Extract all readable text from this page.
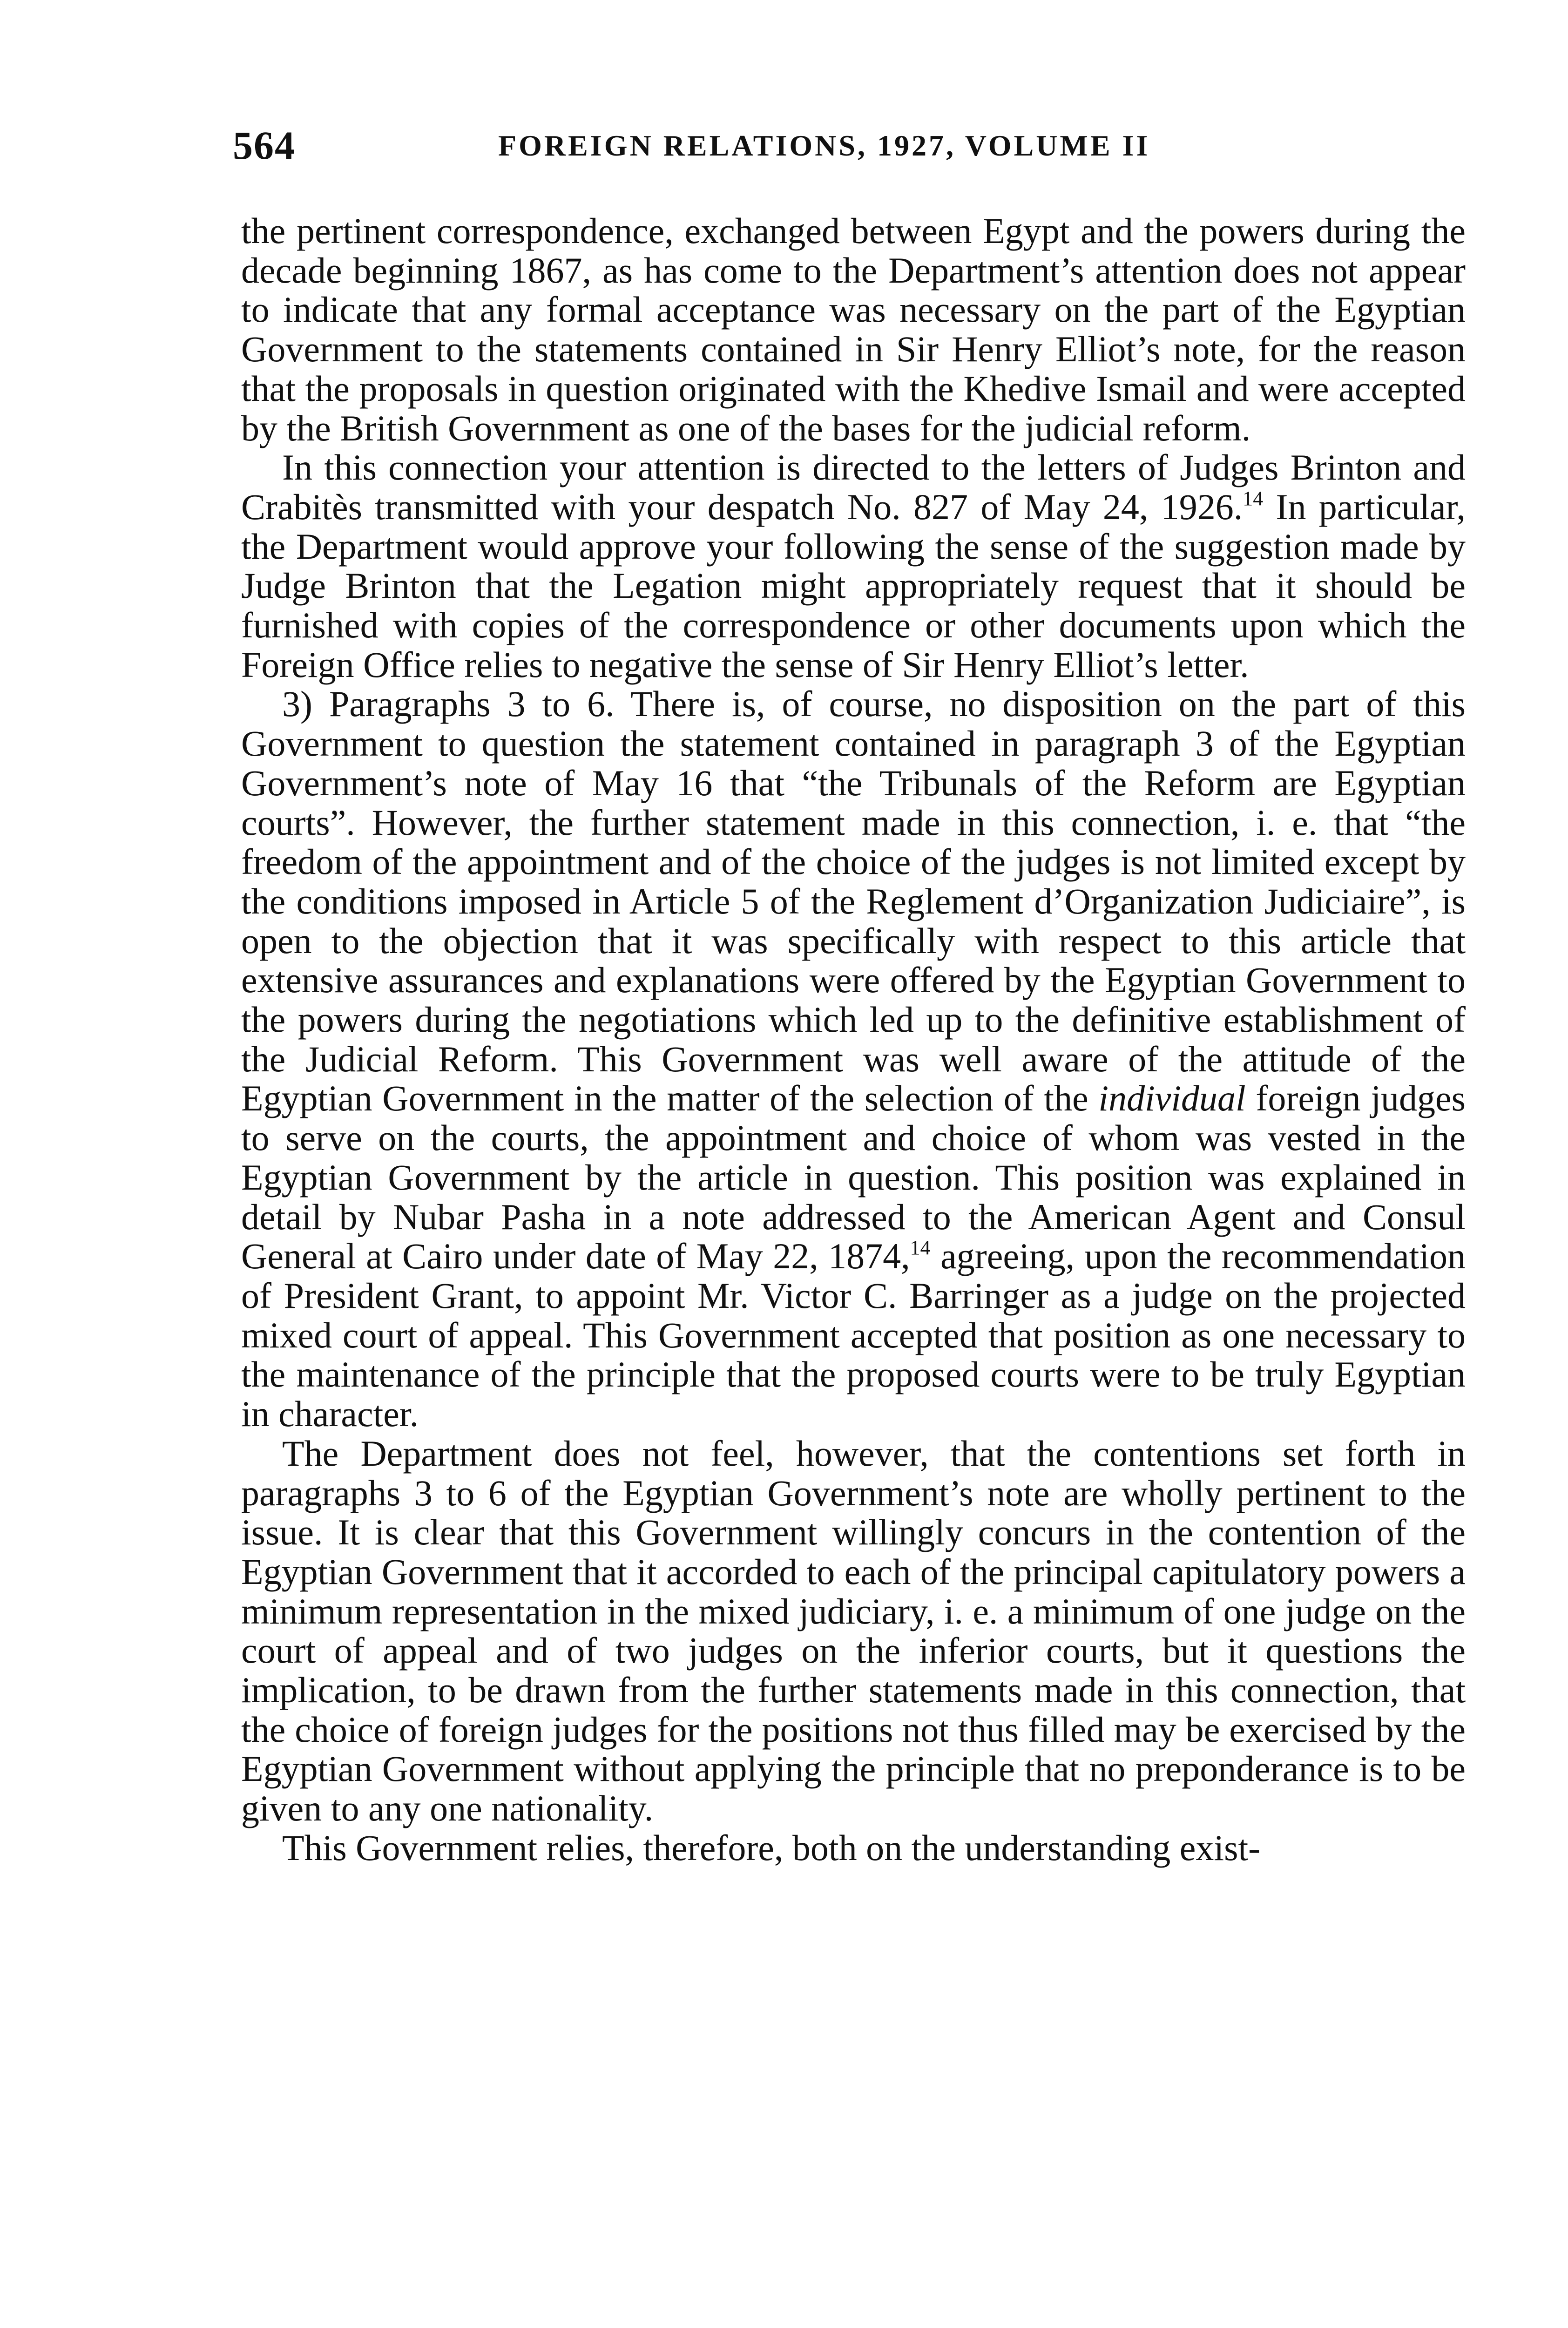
564	FOREIGN RELATIONS, 1927, VOLUME II

the pertinent correspondence, exchanged between Egypt and the powers during the decade beginning 1867, as has come to the Department’s attention does not appear to indicate that any formal acceptance was necessary on the part of the Egyptian Government to the statements contained in Sir Henry Elliot’s note, for the reason that the proposals in question originated with the Khedive Ismail and were accepted by the British Government as one of the bases for the judicial reform.

In this connection your attention is directed to the letters of Judges Brinton and Crabitès transmitted with your despatch No. 827 of May 24, 1926.14 In particular, the Department would approve your following the sense of the suggestion made by Judge Brinton that the Legation might appropriately request that it should be furnished with copies of the correspondence or other documents upon which the Foreign Office relies to negative the sense of Sir Henry Elliot’s letter.

3) Paragraphs 3 to 6. There is, of course, no disposition on the part of this Government to question the statement contained in paragraph 3 of the Egyptian Government’s note of May 16 that “the Tribunals of the Reform are Egyptian courts”. However, the further statement made in this connection, i. e. that “the freedom of the appointment and of the choice of the judges is not limited except by the conditions imposed in Article 5 of the Reglement d’Organization Judiciaire”, is open to the objection that it was specifically with respect to this article that extensive assurances and explanations were offered by the Egyptian Government to the powers during the negotiations which led up to the definitive establishment of the Judicial Reform. This Government was well aware of the attitude of the Egyptian Government in the matter of the selection of the individual foreign judges to serve on the courts, the appointment and choice of whom was vested in the Egyptian Government by the article in question. This position was explained in detail by Nubar Pasha in a note addressed to the American Agent and Consul General at Cairo under date of May 22, 1874,14 agreeing, upon the recommendation of President Grant, to appoint Mr. Victor C. Barringer as a judge on the projected mixed court of appeal. This Government accepted that position as one necessary to the maintenance of the principle that the proposed courts were to be truly Egyptian in character.

The Department does not feel, however, that the contentions set forth in paragraphs 3 to 6 of the Egyptian Government’s note are wholly pertinent to the issue. It is clear that this Government willingly concurs in the contention of the Egyptian Government that it accorded to each of the principal capitulatory powers a minimum representation in the mixed judiciary, i. e. a minimum of one judge on the court of appeal and of two judges on the inferior courts, but it questions the implication, to be drawn from the further statements made in this connection, that the choice of foreign judges for the positions not thus filled may be exercised by the Egyptian Government without applying the principle that no preponderance is to be given to any one nationality.

This Government relies, therefore, both on the understanding exist-
